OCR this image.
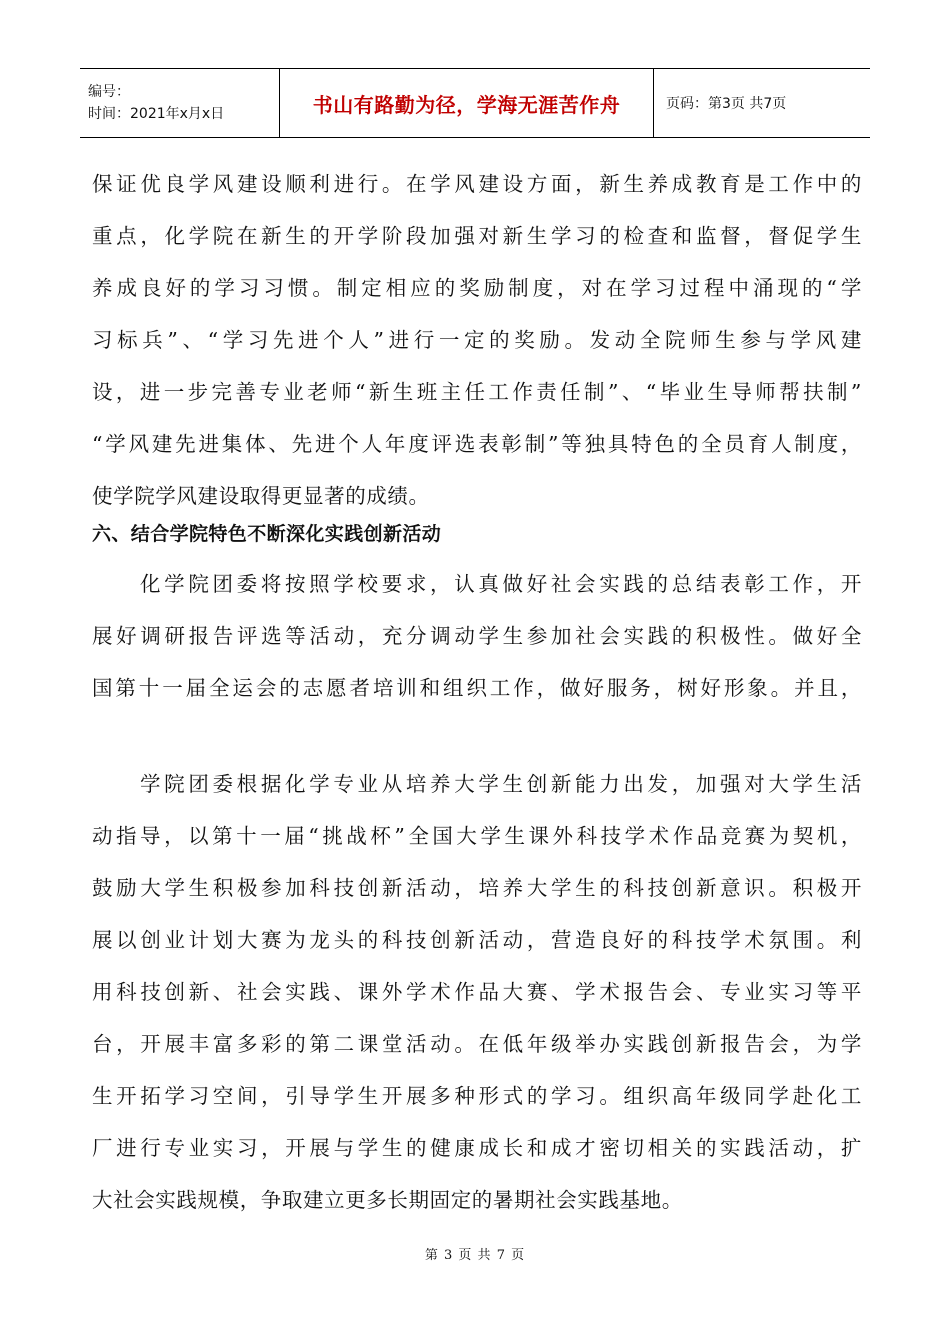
编号：
时间：2021年x月x日	书山有路勤为径，学海无涯苦作舟	页码：第3页 共7页

保证优良学风建设顺利进行。在学风建设方面，新生养成教育是工作中的

重点，化学院在新生的开学阶段加强对新生学习的检查和监督，督促学生

养成良好的学习习惯。制定相应的奖励制度，对在学习过程中涌现的“学

习标兵”、“学习先进个人”进行一定的奖励。发动全院师生参与学风建

设，进一步完善专业老师“新生班主任工作责任制”、“毕业生导师帮扶制”

“学风建先进集体、先进个人年度评选表彰制”等独具特色的全员育人制度，

使学院学风建设取得更显著的成绩。

六、结合学院特色不断深化实践创新活动

化学院团委将按照学校要求，认真做好社会实践的总结表彰工作，开

展好调研报告评选等活动，充分调动学生参加社会实践的积极性。做好全

国第十一届全运会的志愿者培训和组织工作，做好服务，树好形象。并且，

学院团委根据化学专业从培养大学生创新能力出发，加强对大学生活

动指导，以第十一届“挑战杯”全国大学生课外科技学术作品竞赛为契机，

鼓励大学生积极参加科技创新活动，培养大学生的科技创新意识。积极开

展以创业计划大赛为龙头的科技创新活动，营造良好的科技学术氛围。利

用科技创新、社会实践、课外学术作品大赛、学术报告会、专业实习等平

台，开展丰富多彩的第二课堂活动。在低年级举办实践创新报告会，为学

生开拓学习空间，引导学生开展多种形式的学习。组织高年级同学赴化工

厂进行专业实习，开展与学生的健康成长和成才密切相关的实践活动，扩

大社会实践规模，争取建立更多长期固定的暑期社会实践基地。

第 3 页 共 7 页
